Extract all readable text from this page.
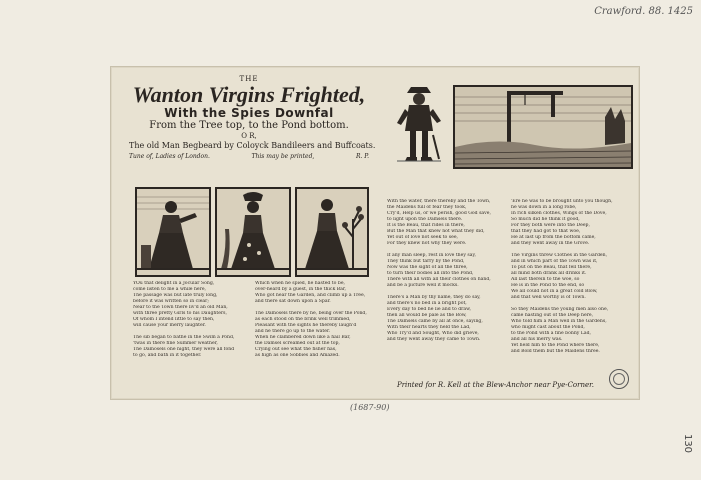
Crawford. 88. 1425
130
(1687-90)
THE
Wanton Virgins Frighted,
With the Spies Downfal
From the Tree top, to the Pond bottom.
O R,
The old Man Begbeard by Coloyck Bandileers and Buffcoats.
Tune of, Ladies of London.	This may be printed,	R. P.
YOu that delight in a Jocular Song,
come listen to me a while here,
The passage was but late truly long,
before it was written so in clear;
Near to the Town there liv'd an old Man,
with three pretty Girls to his Daughters,
Of whom I intend little to say then,
will cause your merry laughter.

The sib began to bathe in the Swim a Pond,
'twas in there fine Summer weather,
The Damosels one night, they were all fond
to go, and bath in it together.
Which when he spied, he hasted to be,
over-heard by a guest, in the thick Bar,
Who got near the Garden, and climb up a Tree,
and there sat down upon a Spar.

The Damosels there by he, being over the Pond,
as each stood on the brink well trimmed,
Pleasant with the sights he thereby laugh'd
and he there go up to the water.
When he clambered down like a hail Bar,
the Damsel screamed out at the top,
Crying out see what the fisher has,
as high as one Sobbies and Amazed.
With the water, there thereby and the Town,
the Maidens full of fear they took,
Cry'd, Help us, or we perish, good God save,
to light upon the Damsels there.
It is the Beau, that rides in there,
But the Man that knew not what they did,
Yet out of love not seek to see,
For they knew not why they were.

If any man sleep, rest in love they say,
They think but tarry by the Pond,
Now was the sight of all the three,
to turn their bodies all into the Pond,
There with all with all their clothes on hand,
and be a picture well it mocks.

There's a Man by thy name, they do say,
and there's no bed in a bright pot,
Every day to bed he lie and to draw,
then all would be pale as the Bow,
The Damsels came by all at once, saying,
With their hearts they held the Lad,
Who Try'd and Sought, Who did grieve,
and they went away they came to Town.
'Ere he was to be brought unto you though,
he was down in a long robe,
In rich silken clothes, Wings of the Dove,
So much did he think it good,
For they both were into the Deep,
that they had got to that woe,
He at last up from the bottom came,
and they went away in the Grove.

The Virgins threw Clothes in the Garden,
and in which part of the Town was it,
To put on the Beau, that fell there,
all mind both drank all drinks it.
All last therein to the woe, so
He is in the Pond to the end, so
We all could not in a great cold Blow,
and that well worthy is of Town.

So they Maidens the young men also one,
came hasting out of the Deep here,
Who told him a Man well in the Gardens,
who might cast about the Pond,
to the Pond with a fine bonny Lad,
and all his merry was.
Yet held him to the Pond where there,
and Bold them but the Maidens three.
Printed for R. Kell at the Blew-Anchor near Pye-Corner.
